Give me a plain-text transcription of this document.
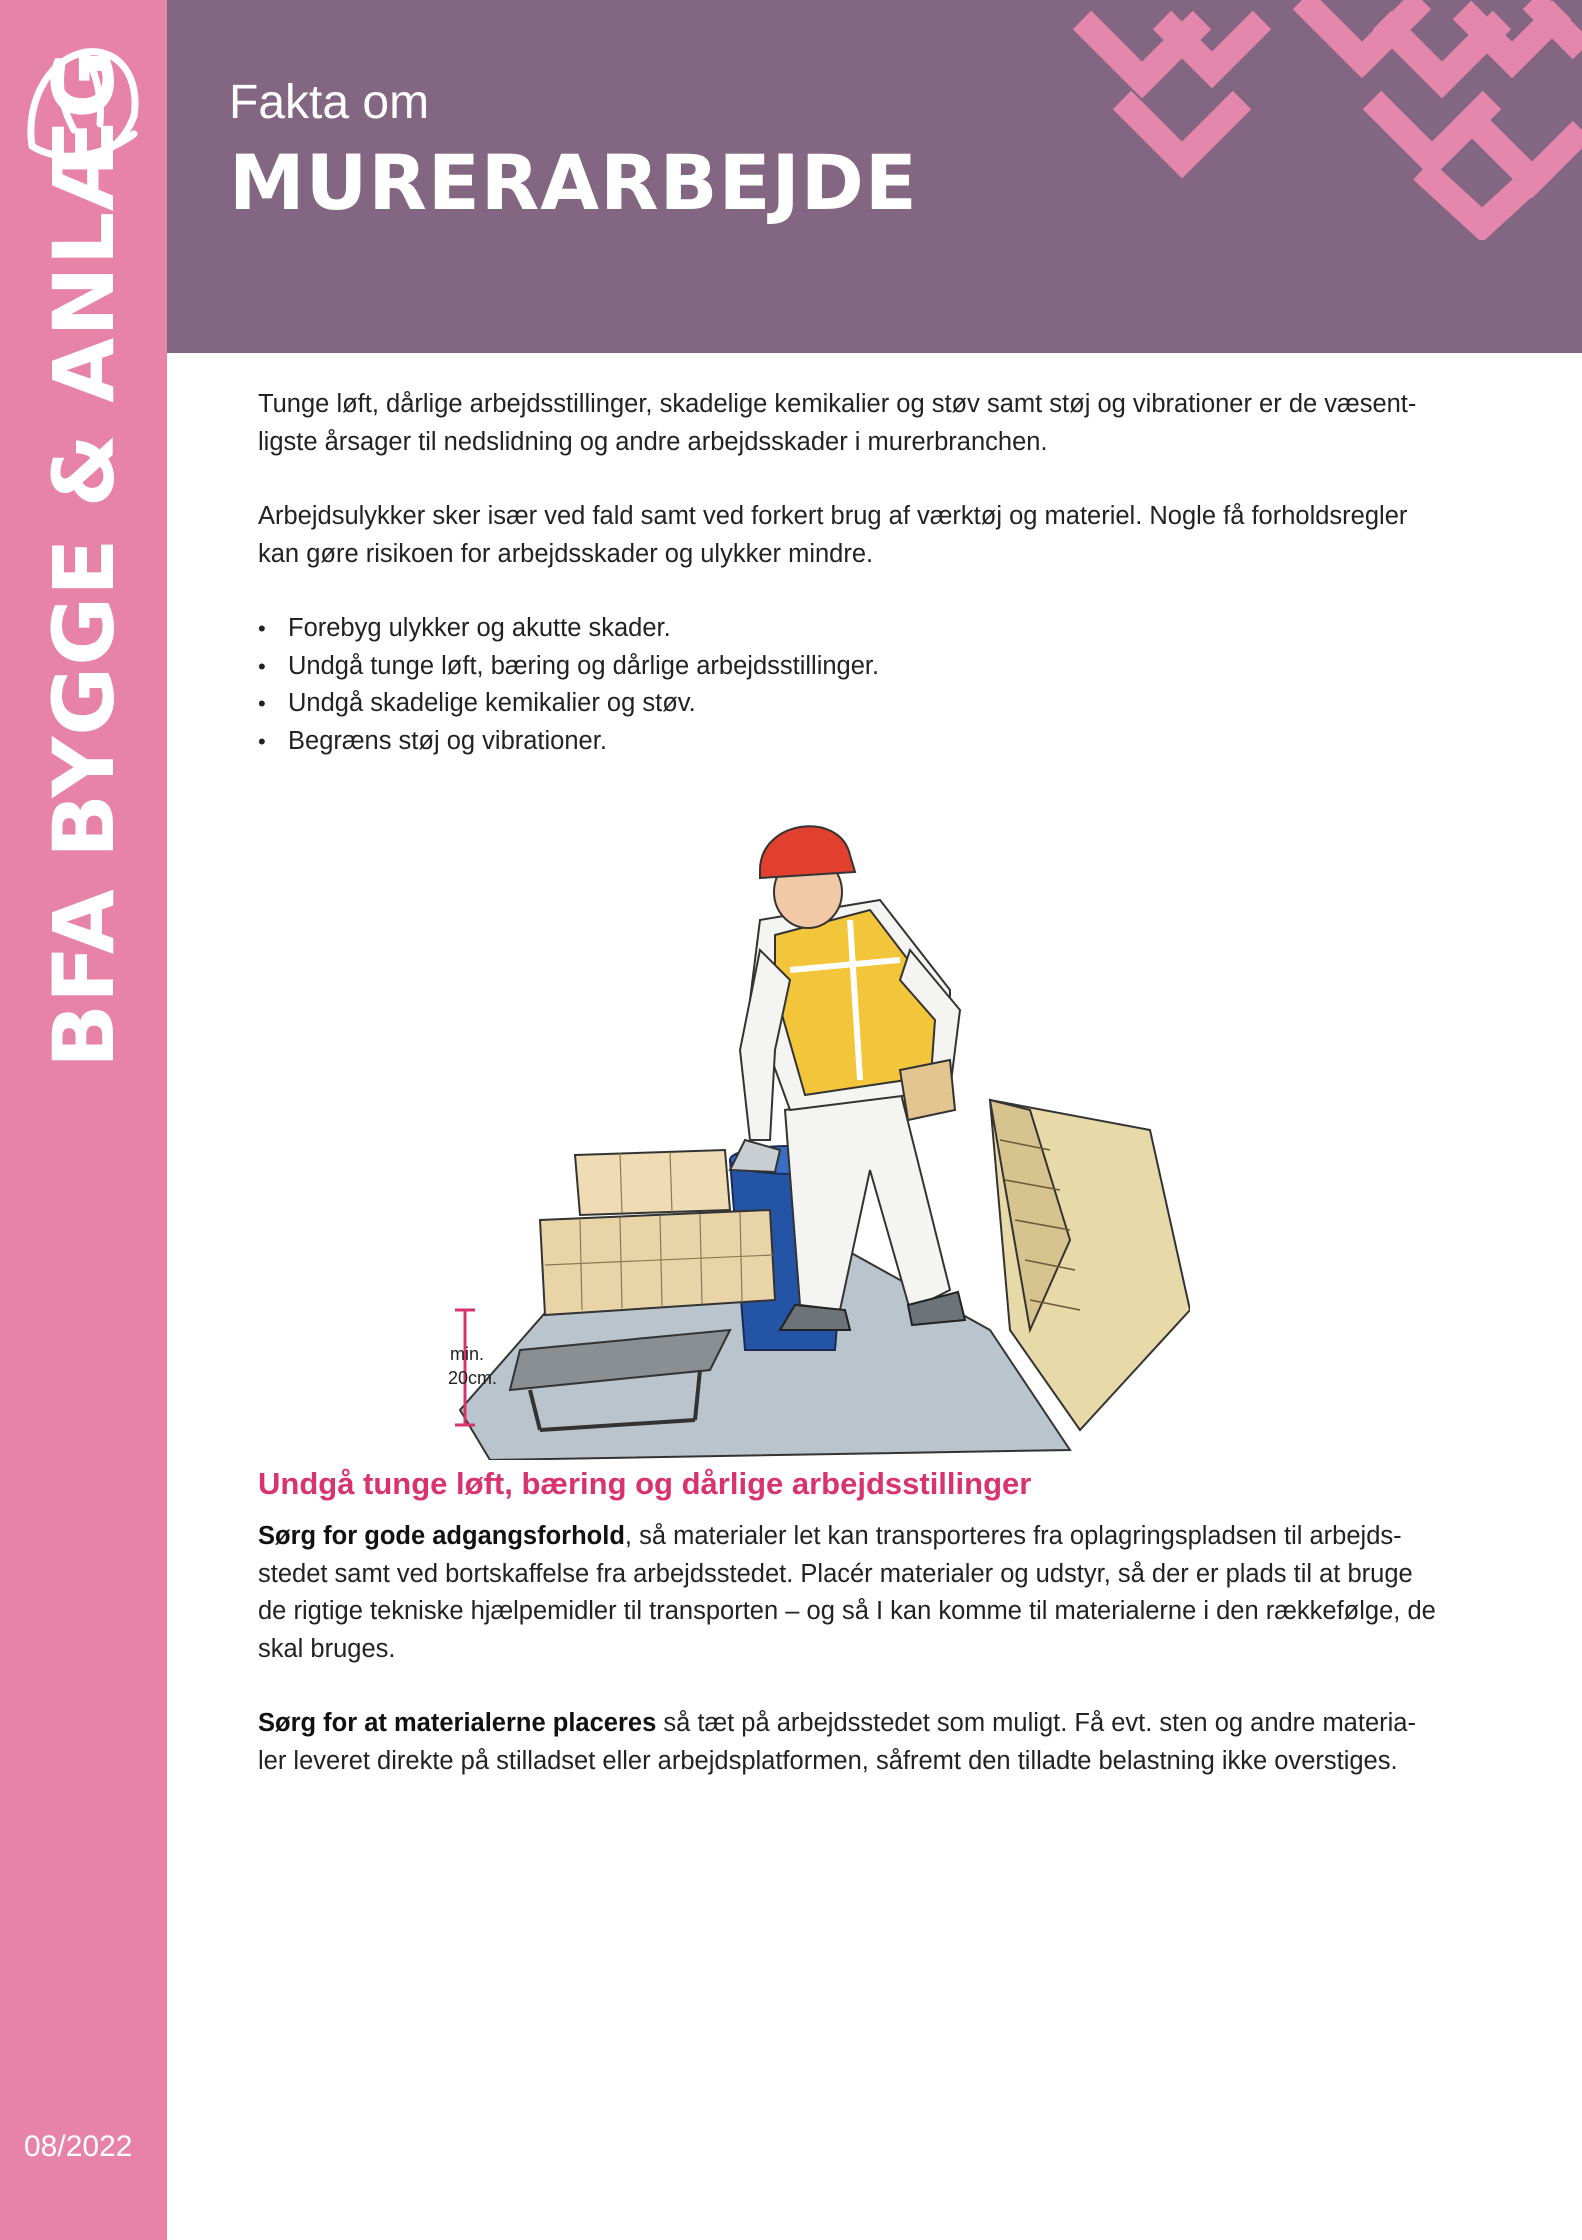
BFA BYGGE & ANLÆG
08/2022
Fakta om
MURERARBEJDE

Tunge løft, dårlige arbejdsstillinger, skadelige kemikalier og støv samt støj og vibrationer er de væsent-ligste årsager til nedslidning og andre arbejdsskader i murerbranchen.

Arbejdsulykker sker især ved fald samt ved forkert brug af værktøj og materiel. Nogle få forholdsregler kan gøre risikoen for arbejdsskader og ulykker mindre.

• Forebyg ulykker og akutte skader.
• Undgå tunge løft, bæring og dårlige arbejdsstillinger.
• Undgå skadelige kemikalier og støv.
• Begræns støj og vibrationer.
min.
20cm.
Undgå tunge løft, bæring og dårlige arbejdsstillinger

Sørg for gode adgangsforhold, så materialer let kan transporteres fra oplagringspladsen til arbejds-stedet samt ved bortskaffelse fra arbejdsstedet. Placér materialer og udstyr, så der er plads til at bruge de rigtige tekniske hjælpemidler til transporten – og så I kan komme til materialerne i den rækkefølge, de skal bruges.

Sørg for at materialerne placeres så tæt på arbejdsstedet som muligt. Få evt. sten og andre materia-ler leveret direkte på stilladset eller arbejdsplatformen, såfremt den tilladte belastning ikke overstiges.
